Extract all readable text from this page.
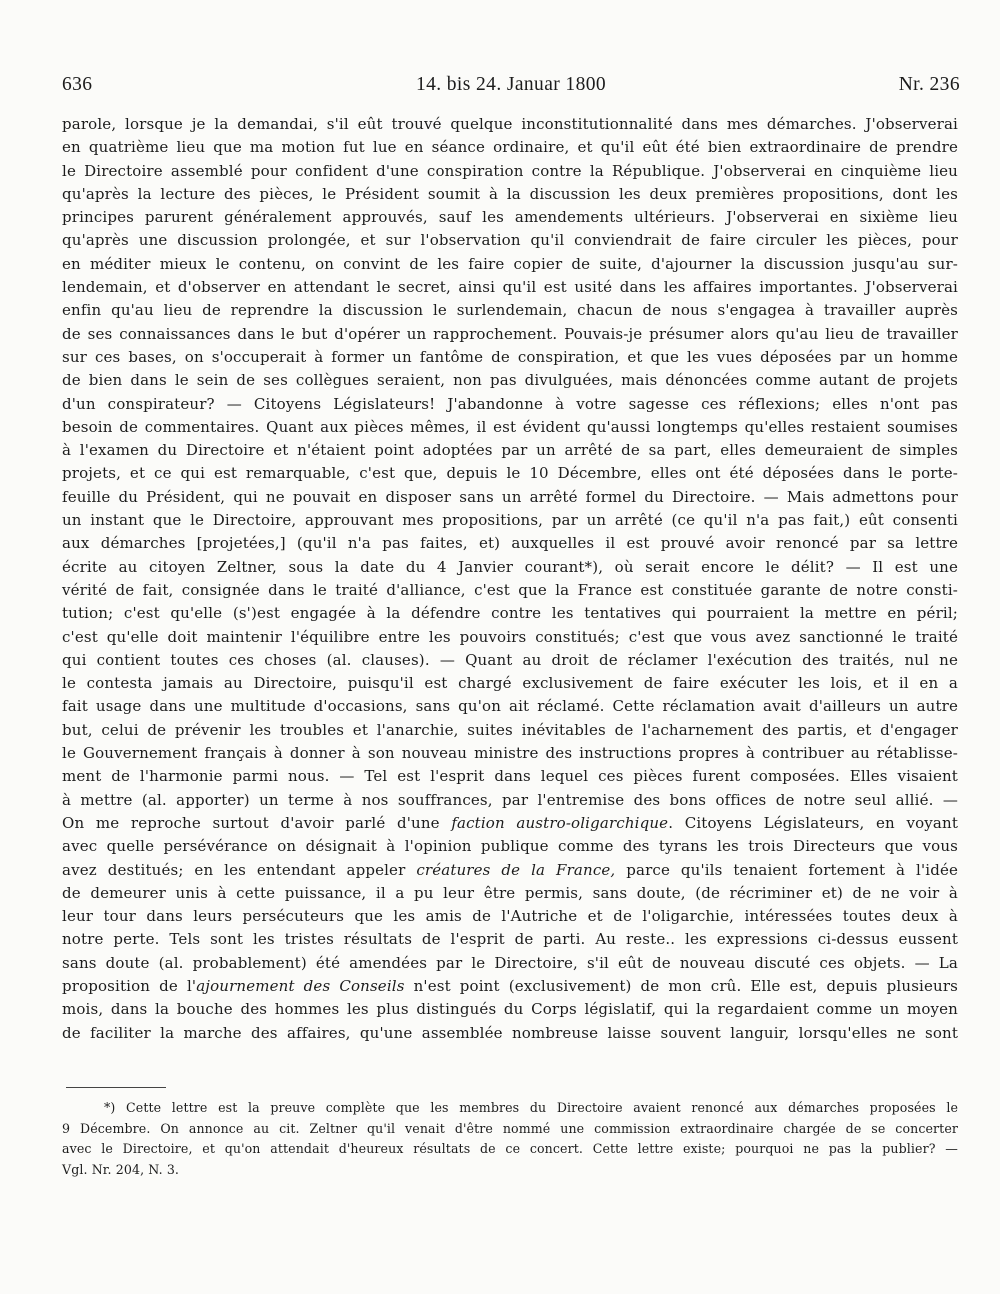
636	14. bis 24. Januar 1800	Nr. 236
parole, lorsque je la demandai, s'il eût trouvé quelque inconstitutionnalité dans mes démarches. J'observerai
en quatrième lieu que ma motion fut lue en séance ordinaire, et qu'il eût été bien extraordinaire de prendre
le Directoire assemblé pour confident d'une conspiration contre la République. J'observerai en cinquième lieu
qu'après la lecture des pièces, le Président soumit à la discussion les deux premières propositions, dont les
principes parurent généralement approuvés, sauf les amendements ultérieurs. J'observerai en sixième lieu
qu'après une discussion prolongée, et sur l'observation qu'il conviendrait de faire circuler les pièces, pour
en méditer mieux le contenu, on convint de les faire copier de suite, d'ajourner la discussion jusqu'au sur-
lendemain, et d'observer en attendant le secret, ainsi qu'il est usité dans les affaires importantes. J'observerai
enfin qu'au lieu de reprendre la discussion le surlendemain, chacun de nous s'engagea à travailler auprès
de ses connaissances dans le but d'opérer un rapprochement. Pouvais-je présumer alors qu'au lieu de travailler
sur ces bases, on s'occuperait à former un fantôme de conspiration, et que les vues déposées par un homme
de bien dans le sein de ses collègues seraient, non pas divulguées, mais dénoncées comme autant de projets
d'un conspirateur? — Citoyens Législateurs! J'abandonne à votre sagesse ces réflexions; elles n'ont pas
besoin de commentaires. Quant aux pièces mêmes, il est évident qu'aussi longtemps qu'elles restaient soumises
à l'examen du Directoire et n'étaient point adoptées par un arrêté de sa part, elles demeuraient de simples
projets, et ce qui est remarquable, c'est que, depuis le 10 Décembre, elles ont été déposées dans le porte-
feuille du Président, qui ne pouvait en disposer sans un arrêté formel du Directoire. — Mais admettons pour
un instant que le Directoire, approuvant mes propositions, par un arrêté (ce qu'il n'a pas fait,) eût consenti
aux démarches [projetées,] (qu'il n'a pas faites, et) auxquelles il est prouvé avoir renoncé par sa lettre
écrite au citoyen Zeltner, sous la date du 4 Janvier courant*), où serait encore le délit? — Il est une
vérité de fait, consignée dans le traité d'alliance, c'est que la France est constituée garante de notre consti-
tution; c'est qu'elle (s')est engagée à la défendre contre les tentatives qui pourraient la mettre en péril;
c'est qu'elle doit maintenir l'équilibre entre les pouvoirs constitués; c'est que vous avez sanctionné le traité
qui contient toutes ces choses (al. clauses). — Quant au droit de réclamer l'exécution des traités, nul ne
le contesta jamais au Directoire, puisqu'il est chargé exclusivement de faire exécuter les lois, et il en a
fait usage dans une multitude d'occasions, sans qu'on ait réclamé. Cette réclamation avait d'ailleurs un autre
but, celui de prévenir les troubles et l'anarchie, suites inévitables de l'acharnement des partis, et d'engager
le Gouvernement français à donner à son nouveau ministre des instructions propres à contribuer au rétablisse-
ment de l'harmonie parmi nous. — Tel est l'esprit dans lequel ces pièces furent composées. Elles visaient
à mettre (al. apporter) un terme à nos souffrances, par l'entremise des bons offices de notre seul allié. —
On me reproche surtout d'avoir parlé d'une faction austro-oligarchique. Citoyens Législateurs, en voyant
avec quelle persévérance on désignait à l'opinion publique comme des tyrans les trois Directeurs que vous
avez destitués; en les entendant appeler créatures de la France, parce qu'ils tenaient fortement à l'idée
de demeurer unis à cette puissance, il a pu leur être permis, sans doute, (de récriminer et) de ne voir à
leur tour dans leurs persécuteurs que les amis de l'Autriche et de l'oligarchie, intéressées toutes deux à
notre perte. Tels sont les tristes résultats de l'esprit de parti. Au reste.. les expressions ci-dessus eussent
sans doute (al. probablement) été amendées par le Directoire, s'il eût de nouveau discuté ces objets. — La
proposition de l'ajournement des Conseils n'est point (exclusivement) de mon crû. Elle est, depuis plusieurs
mois, dans la bouche des hommes les plus distingués du Corps législatif, qui la regardaient comme un moyen
de faciliter la marche des affaires, qu'une assemblée nombreuse laisse souvent languir, lorsqu'elles ne sont
*) Cette lettre est la preuve complète que les membres du Directoire avaient renoncé aux démarches proposées le
9 Décembre. On annonce au cit. Zeltner qu'il venait d'être nommé une commission extraordinaire chargée de se concerter
avec le Directoire, et qu'on attendait d'heureux résultats de ce concert. Cette lettre existe; pourquoi ne pas la publier? —
Vgl. Nr. 204, N. 3.
